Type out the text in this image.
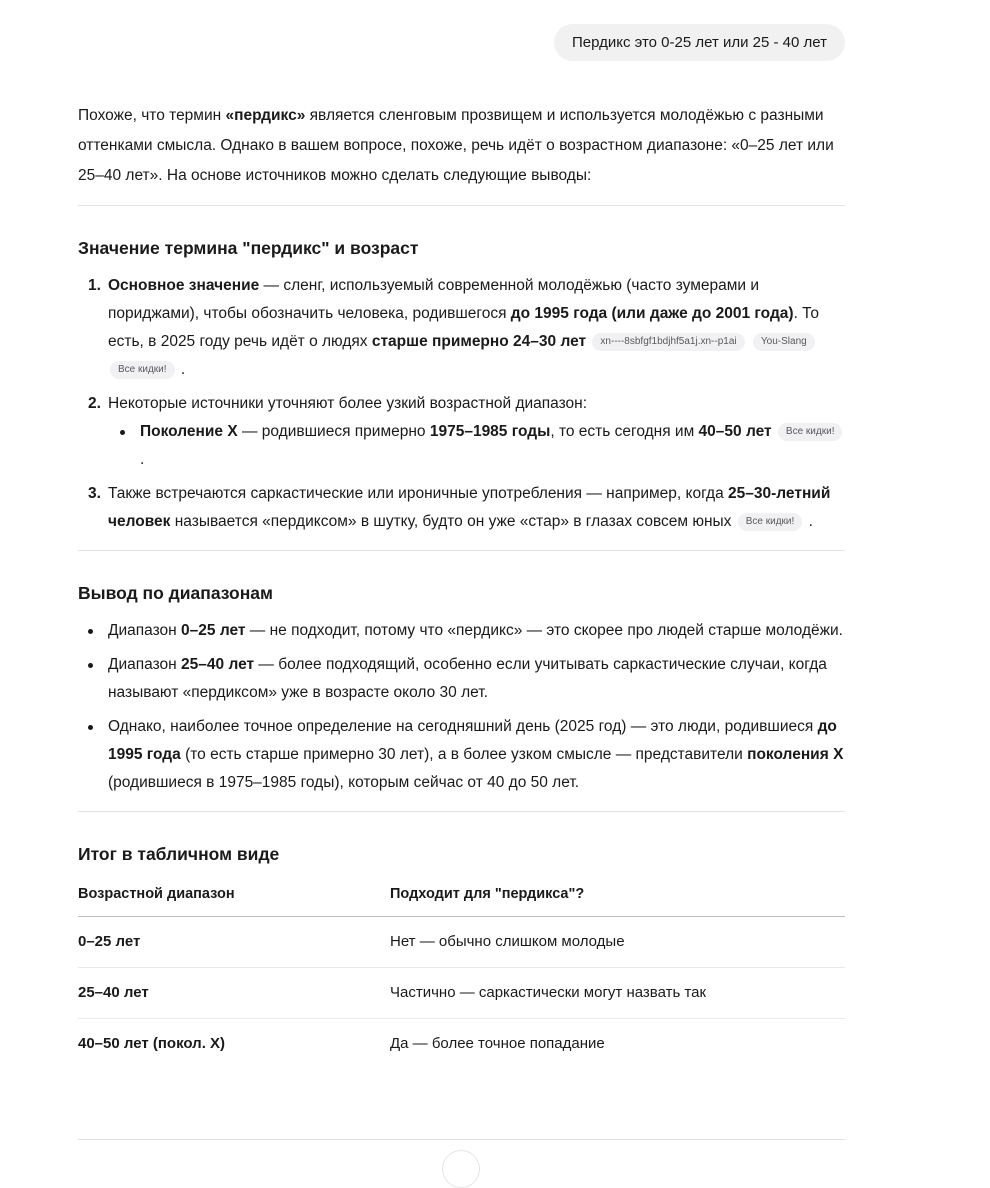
Пердикс это 0-25 лет или 25 - 40 лет

Похоже, что термин «пердикс» является сленговым прозвищем и используется молодёжью с разными оттенками смысла. Однако в вашем вопросе, похоже, речь идёт о возрастном диапазоне: «0–25 лет или 25–40 лет». На основе источников можно сделать следующие выводы:

Значение термина "пердикс" и возраст
1. Основное значение — сленг, используемый современной молодёжью (часто зумерами и пориджами), чтобы обозначить человека, родившегося до 1995 года (или даже до 2001 года). То есть, в 2025 году речь идёт о людях старше примерно 24–30 лет xn----8sbfgf1bdjhf5a1j.xn--p1ai You-Slang Все кидки! .
2. Некоторые источники уточняют более узкий возрастной диапазон:
Поколение X — родившиеся примерно 1975–1985 годы, то есть сегодня им 40–50 лет Все кидки! .
3. Также встречаются саркастические или ироничные употребления — например, когда 25–30-летний человек называется «пердиксом» в шутку, будто он уже «стар» в глазах совсем юных Все кидки! .
Вывод по диапазонам
Диапазон 0–25 лет — не подходит, потому что «пердикс» — это скорее про людей старше молодёжи.
Диапазон 25–40 лет — более подходящий, особенно если учитывать саркастические случаи, когда называют «пердиксом» уже в возрасте около 30 лет.
Однако, наиболее точное определение на сегодняшний день (2025 год) — это люди, родившиеся до 1995 года (то есть старше примерно 30 лет), а в более узком смысле — представители поколения X (родившиеся в 1975–1985 годы), которым сейчас от 40 до 50 лет.
Итог в табличном виде
Возрастной диапазон	Подходит для "пердикса"?
0–25 лет	Нет — обычно слишком молодые
25–40 лет	Частично — саркастически могут назвать так
40–50 лет (покол. X)	Да — более точное попадание
